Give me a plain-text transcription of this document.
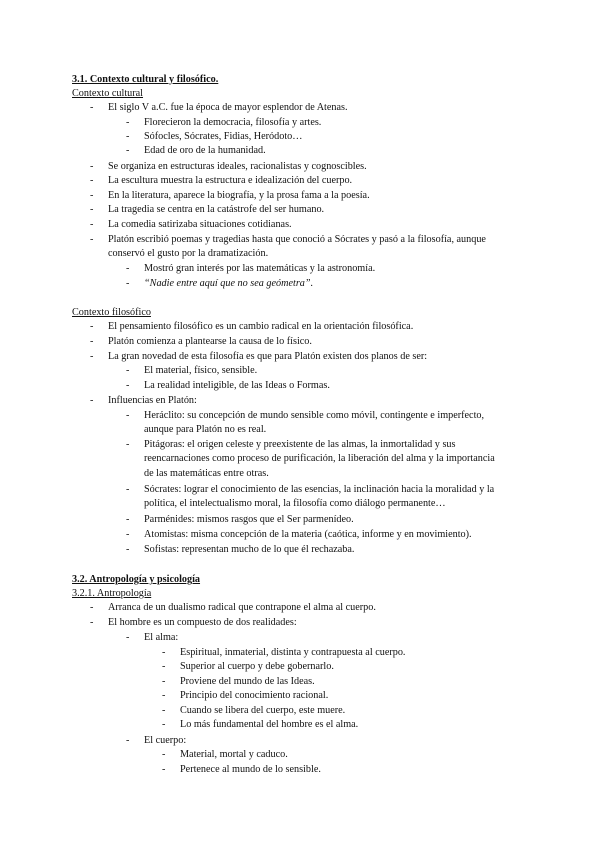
3.1. Contexto cultural y filosófico.
Contexto cultural
- El siglo V a.C. fue la época de mayor esplendor de Atenas.
- Florecieron la democracia, filosofía y artes.
- Sófocles, Sócrates, Fidias, Heródoto…
- Edad de oro de la humanidad.
- Se organiza en estructuras ideales, racionalistas y cognoscibles.
- La escultura muestra la estructura e idealización del cuerpo.
- En la literatura, aparece la biografía, y la prosa fama a la poesía.
- La tragedia se centra en la catástrofe del ser humano.
- La comedia satirizaba situaciones cotidianas.
- Platón escribió poemas y tragedias hasta que conoció a Sócrates y pasó a la filosofía, aunque
conservó el gusto por la dramatización.
- Mostró gran interés por las matemáticas y la astronomía.
- “Nadie entre aquí que no sea geómetra”.
Contexto filosófico
- El pensamiento filosófico es un cambio radical en la orientación filosófica.
- Platón comienza a plantearse la causa de lo físico.
- La gran novedad de esta filosofía es que para Platón existen dos planos de ser:
- El material, físico, sensible.
- La realidad inteligible, de las Ideas o Formas.
- Influencias en Platón:
- Heráclito: su concepción de mundo sensible como móvil, contingente e imperfecto,
aunque para Platón no es real.
- Pitágoras: el origen celeste y preexistente de las almas, la inmortalidad y sus
reencarnaciones como proceso de purificación, la liberación del alma y la importancia
de las matemáticas entre otras.
- Sócrates: lograr el conocimiento de las esencias, la inclinación hacia la moralidad y la
política, el intelectualismo moral, la filosofía como diálogo permanente…
- Parménides: mismos rasgos que el Ser parmenídeo.
- Atomistas: misma concepción de la materia (caótica, informe y en movimiento).
- Sofistas: representan mucho de lo que él rechazaba.
3.2. Antropología y psicología
3.2.1. Antropología
- Arranca de un dualismo radical que contrapone el alma al cuerpo.
- El hombre es un compuesto de dos realidades:
- El alma:
- Espiritual, inmaterial, distinta y contrapuesta al cuerpo.
- Superior al cuerpo y debe gobernarlo.
- Proviene del mundo de las Ideas.
- Principio del conocimiento racional.
- Cuando se libera del cuerpo, este muere.
- Lo más fundamental del hombre es el alma.
- El cuerpo:
- Material, mortal y caduco.
- Pertenece al mundo de lo sensible.
